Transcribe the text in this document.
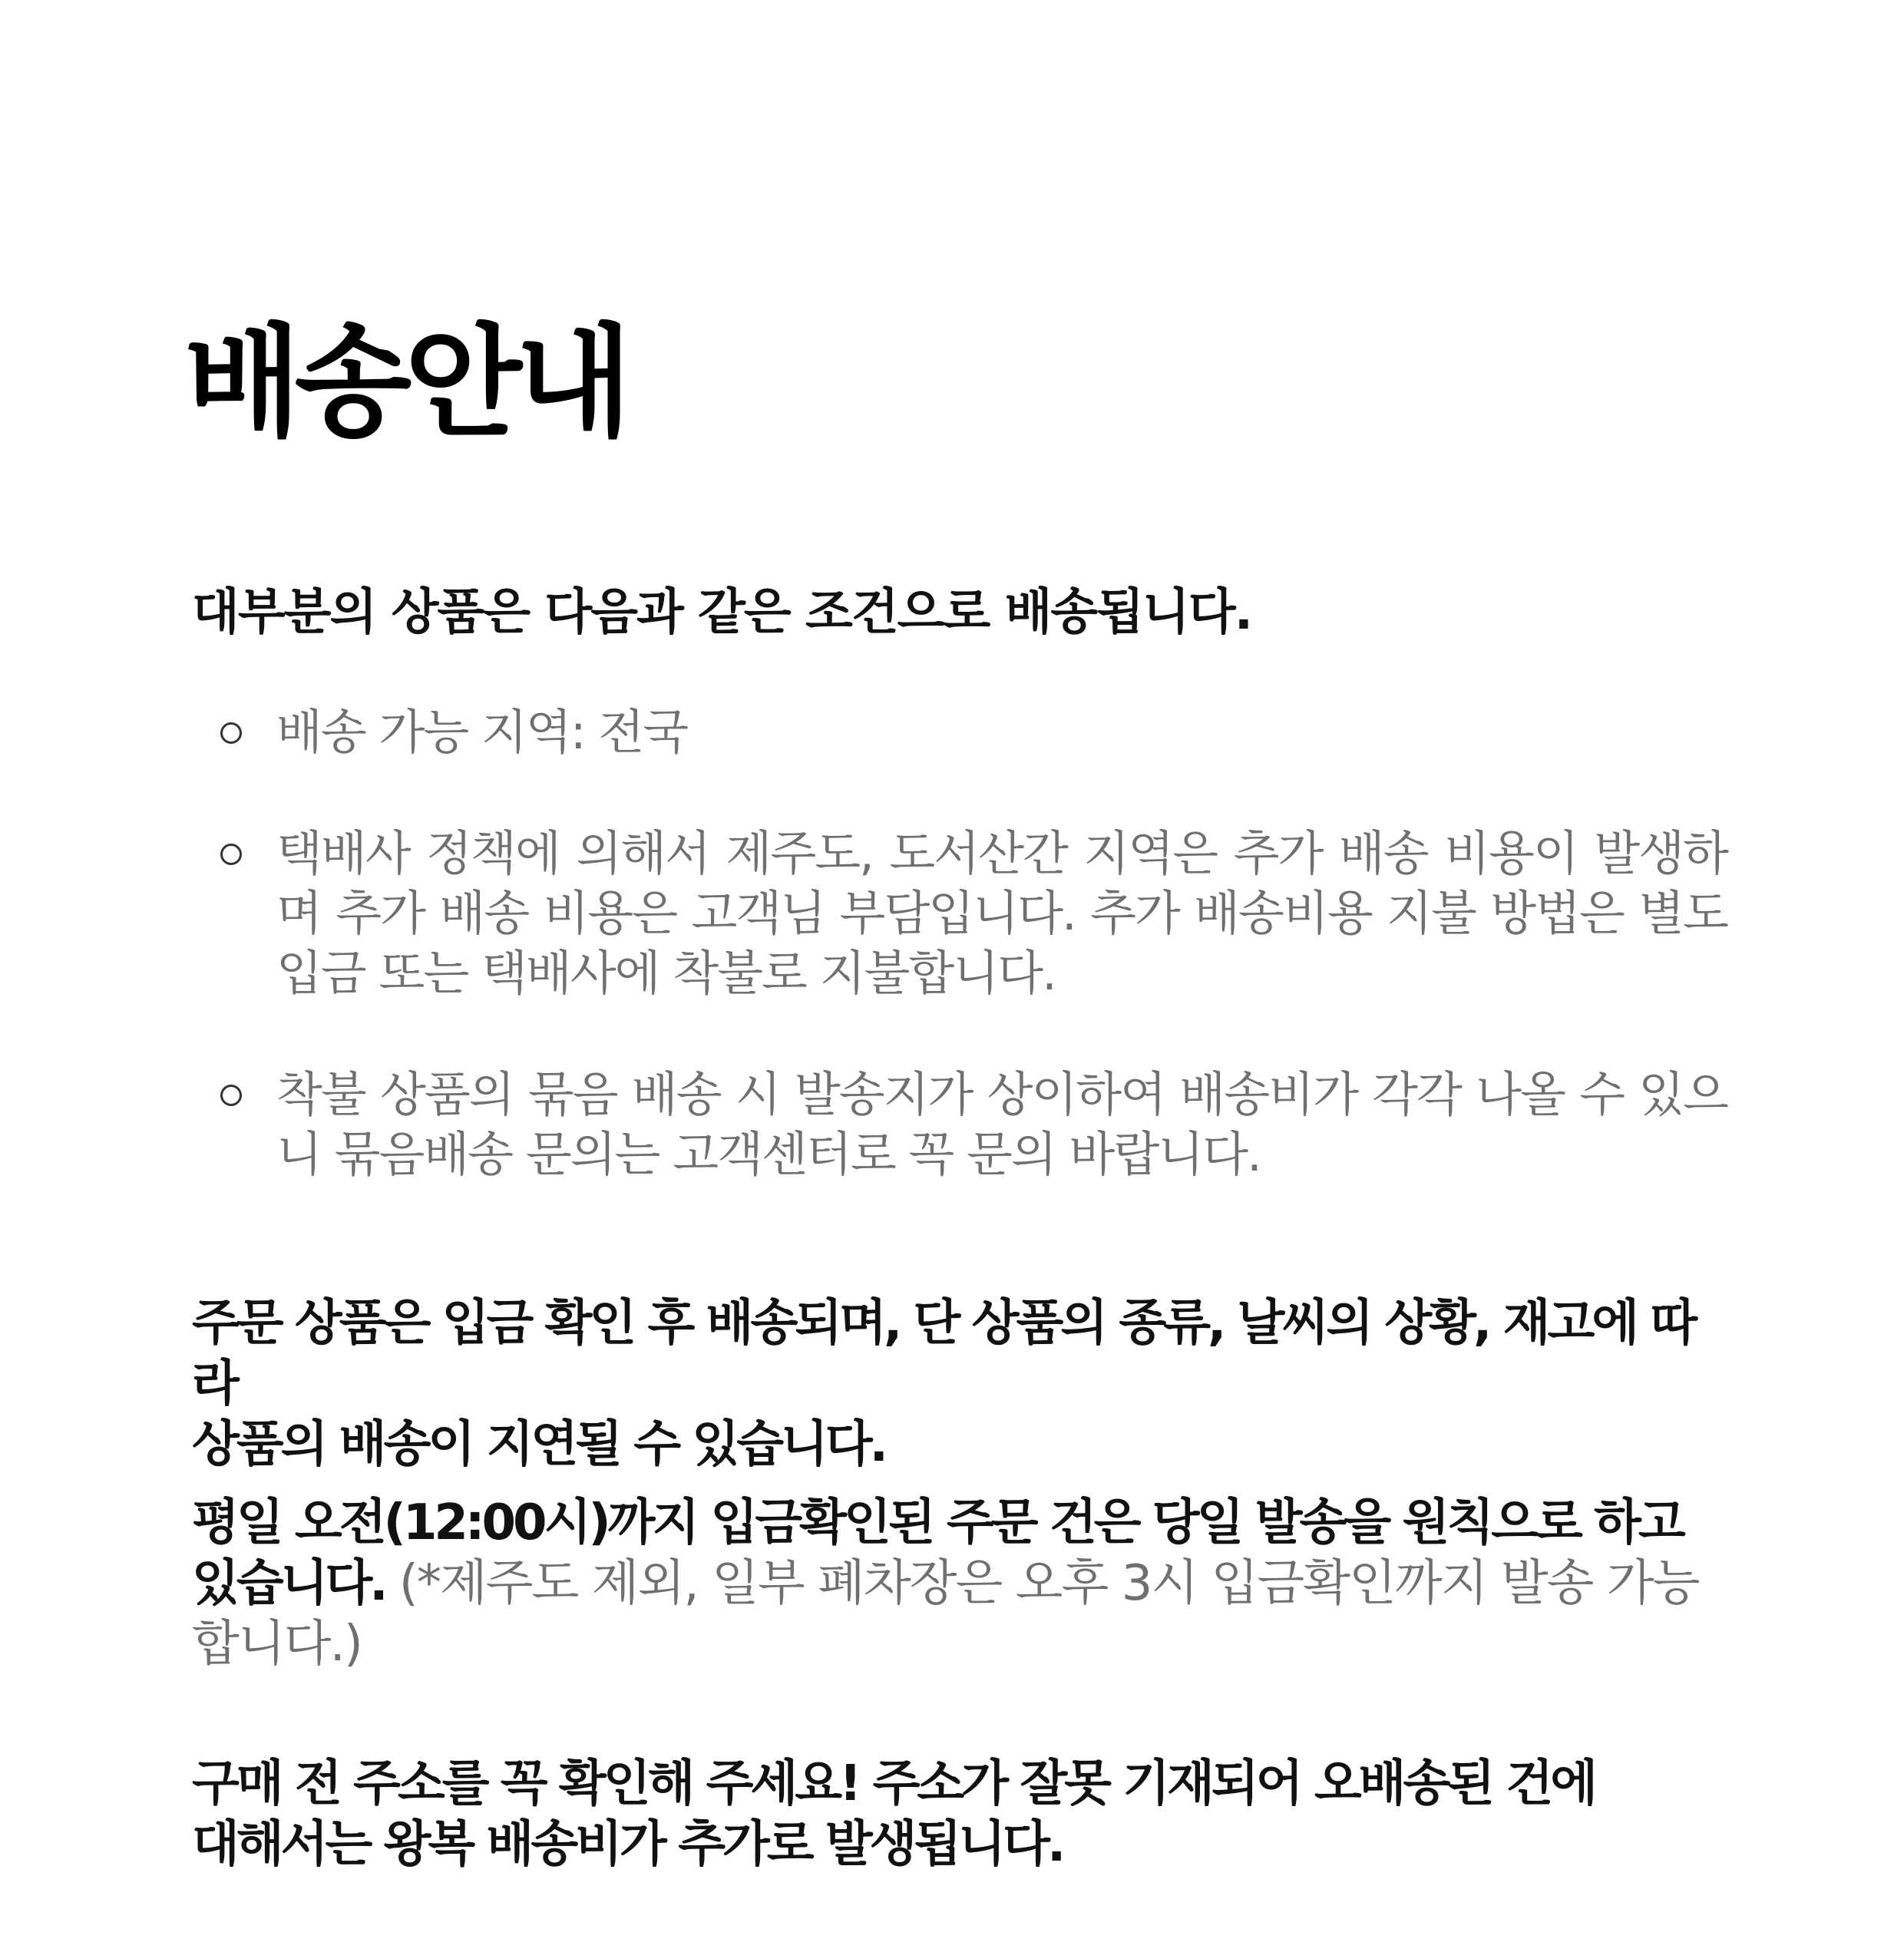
배송안내

대부분의 상품은 다음과 같은 조건으로 배송됩니다.

배송 가능 지역: 전국
택배사 정책에 의해서 제주도, 도서산간 지역은 추가 배송 비용이 발생하며 추가 배송 비용은 고객님 부담입니다. 추가 배송비용 지불 방법은 별도 입금 또는 택배사에 착불로 지불합니다.
착불 상품의 묶음 배송 시 발송지가 상이하여 배송비가 각각 나올 수 있으니 묶음배송 문의는 고객센터로 꼭 문의 바랍니다.

주문 상품은 입금 확인 후 배송되며, 단 상품의 종류, 날씨의 상황, 재고에 따라
상품의 배송이 지연될 수 있습니다.

평일 오전(12:00시)까지 입금확인된 주문 건은 당일 발송을 원칙으로 하고
있습니다. (*제주도 제외, 일부 폐차장은 오후 3시 입금확인까지 발송 가능
합니다.)

구매 전 주소를 꼭 확인해 주세요! 주소가 잘못 기재되어 오배송된 건에
대해서는 왕복 배송비가 추가로 발생됩니다.
